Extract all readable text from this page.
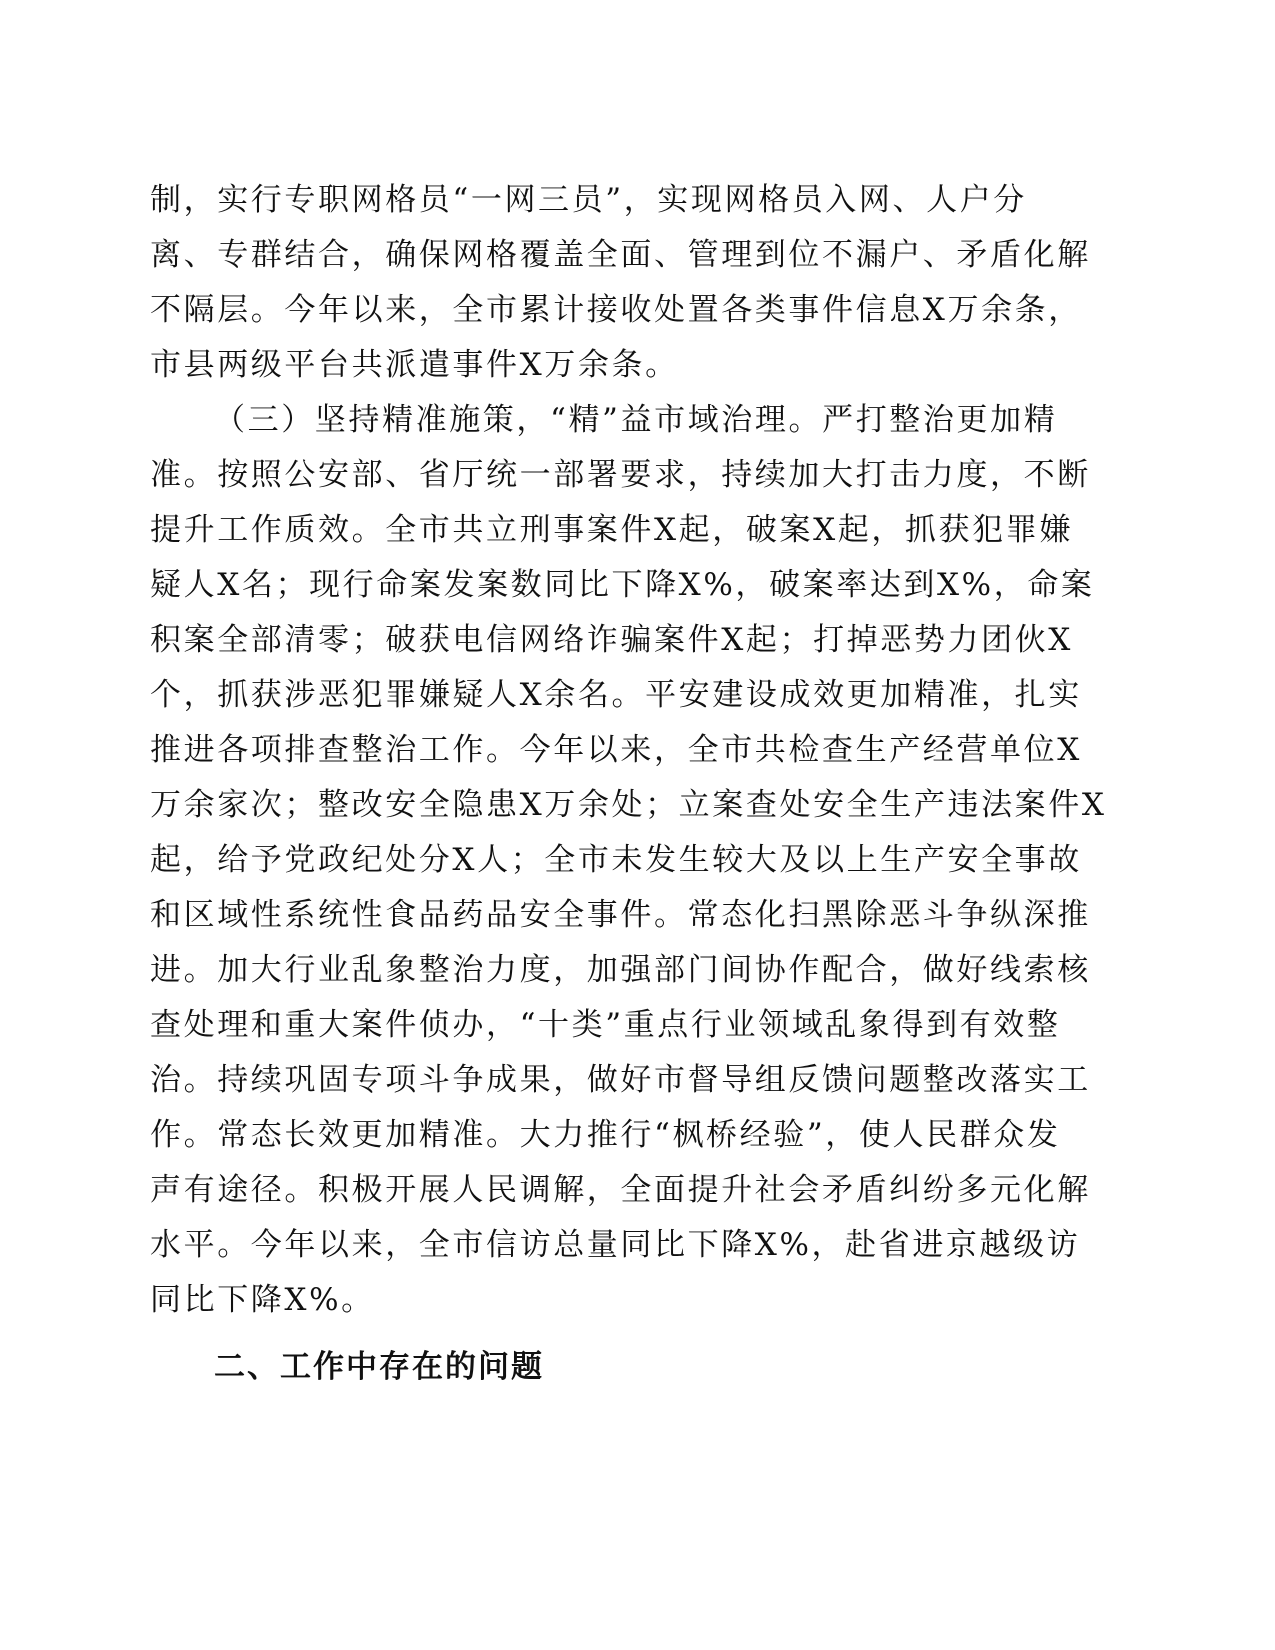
制，实行专职网格员“一网三员”，实现网格员入网、人户分
离、专群结合，确保网格覆盖全面、管理到位不漏户、矛盾化解
不隔层。今年以来，全市累计接收处置各类事件信息X万余条，
市县两级平台共派遣事件X万余条。
（三）坚持精准施策，“精”益市域治理。严打整治更加精
准。按照公安部、省厅统一部署要求，持续加大打击力度，不断
提升工作质效。全市共立刑事案件X起，破案X起，抓获犯罪嫌
疑人X名；现行命案发案数同比下降X%，破案率达到X%，命案
积案全部清零；破获电信网络诈骗案件X起；打掉恶势力团伙X
个，抓获涉恶犯罪嫌疑人X余名。平安建设成效更加精准，扎实
推进各项排查整治工作。今年以来，全市共检查生产经营单位X
万余家次；整改安全隐患X万余处；立案查处安全生产违法案件X
起，给予党政纪处分X人；全市未发生较大及以上生产安全事故
和区域性系统性食品药品安全事件。常态化扫黑除恶斗争纵深推
进。加大行业乱象整治力度，加强部门间协作配合，做好线索核
查处理和重大案件侦办，“十类”重点行业领域乱象得到有效整
治。持续巩固专项斗争成果，做好市督导组反馈问题整改落实工
作。常态长效更加精准。大力推行“枫桥经验”，使人民群众发
声有途径。积极开展人民调解，全面提升社会矛盾纠纷多元化解
水平。今年以来，全市信访总量同比下降X%，赴省进京越级访
同比下降X%。
二、工作中存在的问题
